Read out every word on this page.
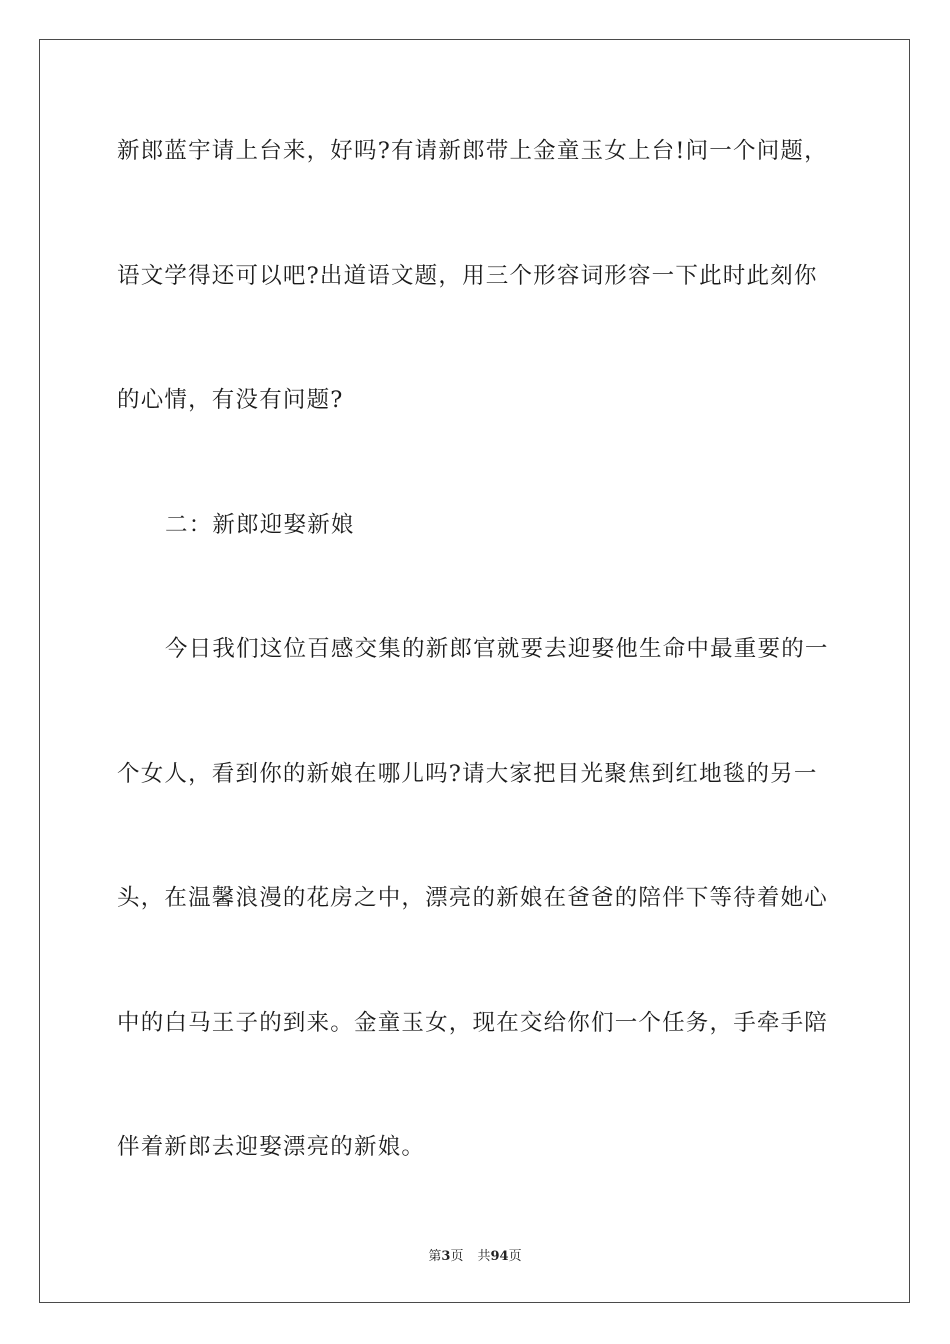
新郎蓝宇请上台来，好吗?有请新郎带上金童玉女上台!问一个问题，
语文学得还可以吧?出道语文题，用三个形容词形容一下此时此刻你
的心情，有没有问题?
二：新郎迎娶新娘
今日我们这位百感交集的新郎官就要去迎娶他生命中最重要的一
个女人，看到你的新娘在哪儿吗?请大家把目光聚焦到红地毯的另一
头，在温馨浪漫的花房之中，漂亮的新娘在爸爸的陪伴下等待着她心
中的白马王子的到来。金童玉女，现在交给你们一个任务，手牵手陪
伴着新郎去迎娶漂亮的新娘。
第3页 共94页
